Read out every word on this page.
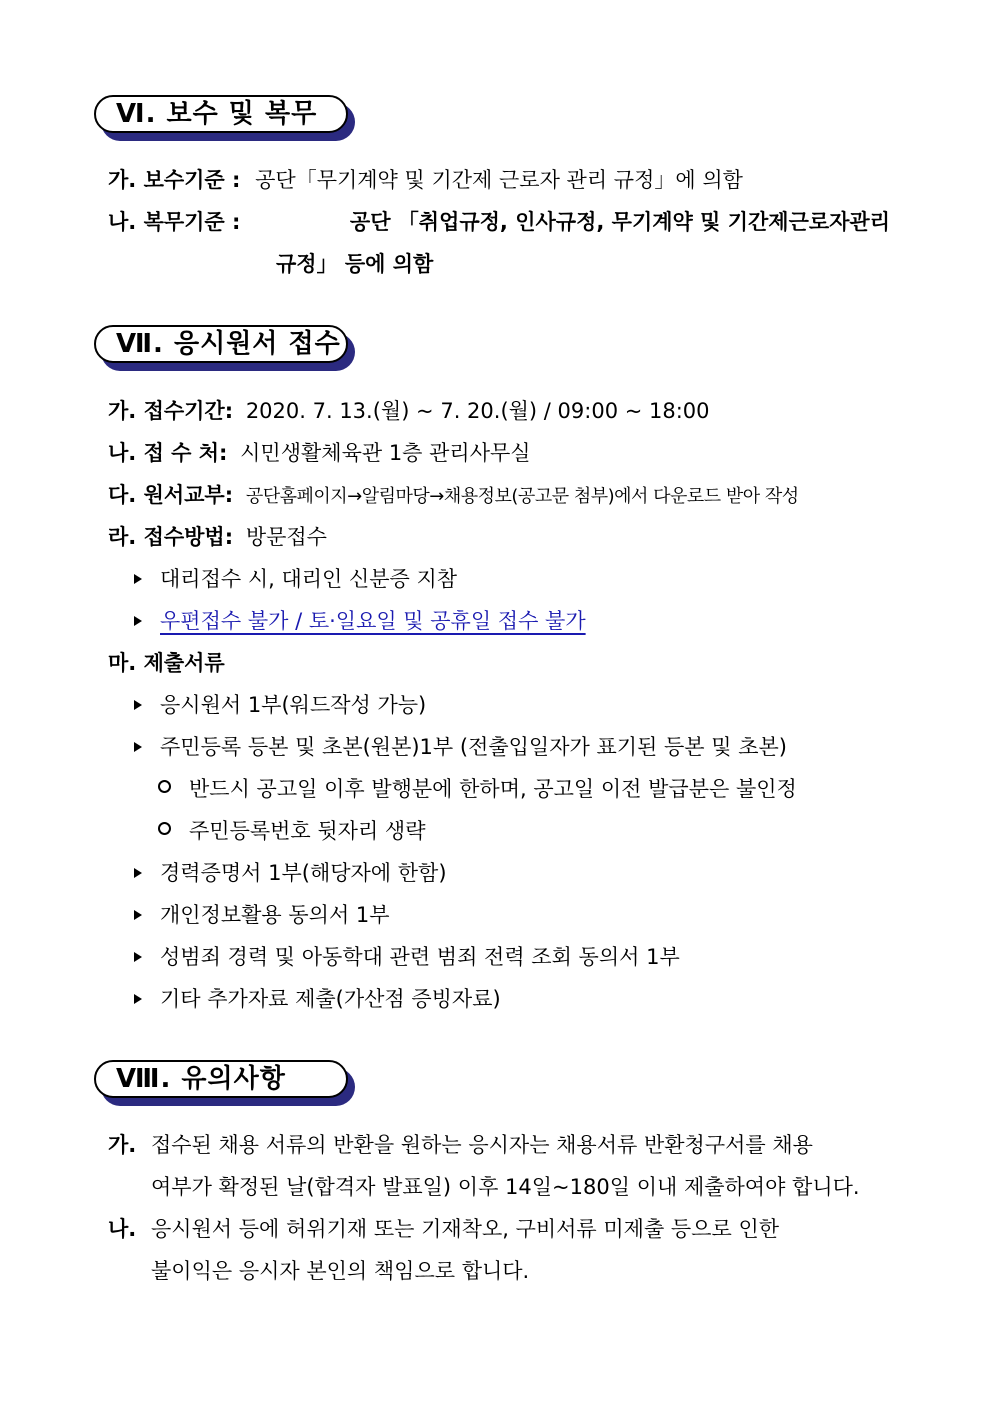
Ⅵ. 보수 및 복무
가. 보수기준 : 공단「무기계약 및 기간제 근로자 관리 규정」에 의함
나. 복무기준 :	공단 「취업규정, 인사규정, 무기계약 및 기간제근로자관리
규정」 등에 의함
Ⅶ. 응시원서 접수
가. 접수기간: 2020. 7. 13.(월) ~ 7. 20.(월) / 09:00 ~ 18:00
나. 접 수 처: 시민생활체육관 1층 관리사무실
다. 원서교부: 공단홈페이지→알림마당→채용정보(공고문 첨부)에서 다운로드 받아 작성
라. 접수방법: 방문접수
대리접수 시, 대리인 신분증 지참
우편접수 불가 / 토·일요일 및 공휴일 접수 불가
마. 제출서류
응시원서 1부(워드작성 가능)
주민등록 등본 및 초본(원본)1부 (전출입일자가 표기된 등본 및 초본)
반드시 공고일 이후 발행분에 한하며, 공고일 이전 발급분은 불인정
주민등록번호 뒷자리 생략
경력증명서 1부(해당자에 한함)
개인정보활용 동의서 1부
성범죄 경력 및 아동학대 관련 범죄 전력 조회 동의서 1부
기타 추가자료 제출(가산점 증빙자료)
Ⅷ. 유의사항
가. 접수된 채용 서류의 반환을 원하는 응시자는 채용서류 반환청구서를 채용
여부가 확정된 날(합격자 발표일) 이후 14일~180일 이내 제출하여야 합니다.
나. 응시원서 등에 허위기재 또는 기재착오, 구비서류 미제출 등으로 인한
불이익은 응시자 본인의 책임으로 합니다.
